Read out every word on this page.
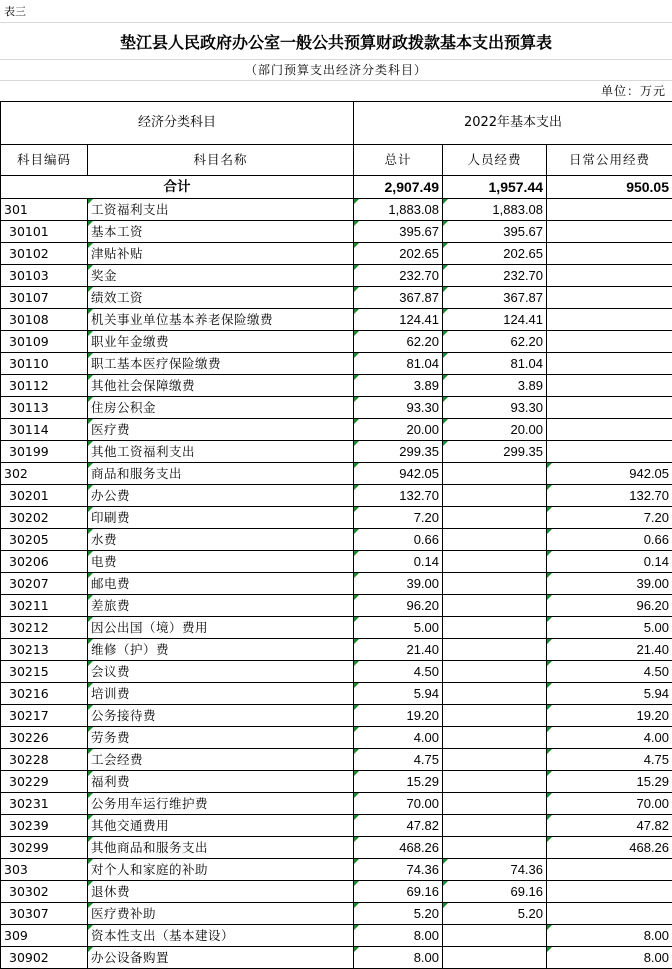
表三
垫江县人民政府办公室一般公共预算财政拨款基本支出预算表
（部门预算支出经济分类科目）
单位：万元
经济分类科目		2022年基本支出		
科目编码	科目名称	总计	人员经费	日常公用经费
合计		2,907.49	1,957.44	950.05
301	工资福利支出	1,883.08	1,883.08	
30101	基本工资	395.67	395.67	
30102	津贴补贴	202.65	202.65	
30103	奖金	232.70	232.70	
30107	绩效工资	367.87	367.87	
30108	机关事业单位基本养老保险缴费	124.41	124.41	
30109	职业年金缴费	62.20	62.20	
30110	职工基本医疗保险缴费	81.04	81.04	
30112	其他社会保障缴费	3.89	3.89	
30113	住房公积金	93.30	93.30	
30114	医疗费	20.00	20.00	
30199	其他工资福利支出	299.35	299.35	
302	商品和服务支出	942.05		942.05
30201	办公费	132.70		132.70
30202	印刷费	7.20		7.20
30205	水费	0.66		0.66
30206	电费	0.14		0.14
30207	邮电费	39.00		39.00
30211	差旅费	96.20		96.20
30212	因公出国（境）费用	5.00		5.00
30213	维修（护）费	21.40		21.40
30215	会议费	4.50		4.50
30216	培训费	5.94		5.94
30217	公务接待费	19.20		19.20
30226	劳务费	4.00		4.00
30228	工会经费	4.75		4.75
30229	福利费	15.29		15.29
30231	公务用车运行维护费	70.00		70.00
30239	其他交通费用	47.82		47.82
30299	其他商品和服务支出	468.26		468.26
303	对个人和家庭的补助	74.36	74.36	
30302	退休费	69.16	69.16	
30307	医疗费补助	5.20	5.20	
309	资本性支出（基本建设）	8.00		8.00
30902	办公设备购置	8.00		8.00
